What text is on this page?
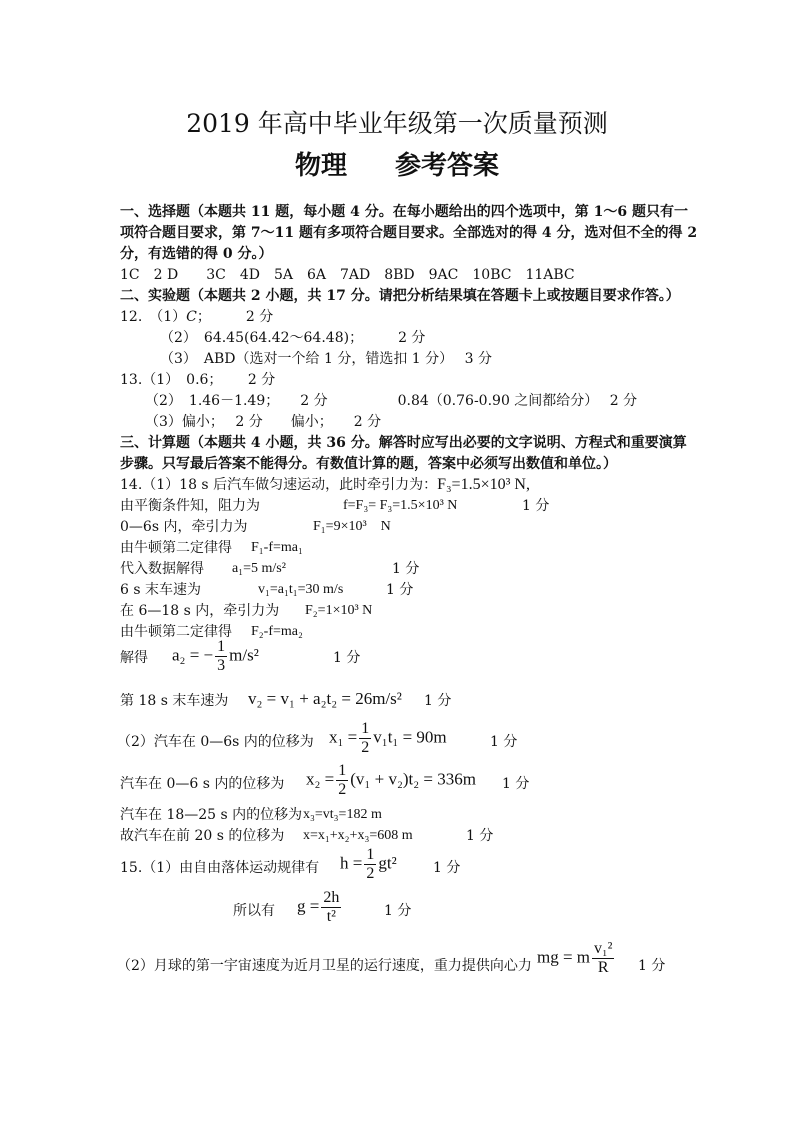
2019 年高中毕业年级第一次质量预测
物理 参考答案
一、选择题（本题共 11 题，每小题 4 分。在每小题给出的四个选项中，第 1～6 题只有一
项符合题目要求，第 7～11 题有多项符合题目要求。全部选对的得 4 分，选对但不全的得 2
分，有选错的得 0 分。）
1C　2 D　　3C　4D　5A　6A　7AD　8BD　9AC　10BC　11ABC
二、实验题（本题共 2 小题，共 17 分。请把分析结果填在答题卡上或按题目要求作答。）
12.　（1）C；　　　2 分
（2）　64.45(64.42～64.48)；　　　2 分
（3）　ABD（选对一个给 1 分，错选扣 1 分）　 3 分
13.（1）　0.6；　　 2 分
（2）　1.46－1.49；　　2 分　　　　　0.84（0.76-0.90 之间都给分）　 2 分
（3）偏小；　 2 分　　偏小；　　2 分
三、计算题（本题共 4 小题，共 36 分。解答时应写出必要的文字说明、方程式和重要演算
步骤。只写最后答案不能得分。有数值计算的题，答案中必须写出数值和单位。）
14.（1）18 s 后汽车做匀速运动，此时牵引力为：F₃=1.5×10³ N,
由平衡条件知，阻力为	f=F₃= F₃=1.5×10³ N	1 分
0—6s 内，牵引力为	F₁=9×10³　N
由牛顿第二定律得 F₁-f=ma₁
代入数据解得 a₁=5 m/s²	1 分
6 s 末车速为	v₁=a₁t₁=30 m/s	1 分
在 6—18 s 内，牵引力为 F₂=1×10³ N
由牛顿第二定律得 F₂-f=ma₂
解得 a₂ = − $\frac{1}{3} m/s^2$	1 分
第 18 s 末车速为 v₂ = v₁ + a₂t₂ = 26m/s² 1 分
（2）汽车在 0—6s 内的位移为 $x_1 = \frac{1}{2} v_1t_1 = 90m$	1 分
汽车在 0—6 s 内的位移为 $x_2 = \frac{1}{2} (v_1 + v_2)t_2 = 336m$ 1 分
汽车在 18—25 s 内的位移为 x₃=vt₃=182 m
故汽车在前 20 s 的位移为 x=x₁+x₂+x₃=608 m	1 分
15.（1）由自由落体运动规律有 $h = \frac{1}{2} gt^2$	1 分
所以有 $g = \frac{2h}{\text{t²}}$	1 分
（2）月球的第一宇宙速度为近月卫星的运行速度，重力提供向心力 mg = m $\frac{\text{v₁²}}{R} 1$ 分
